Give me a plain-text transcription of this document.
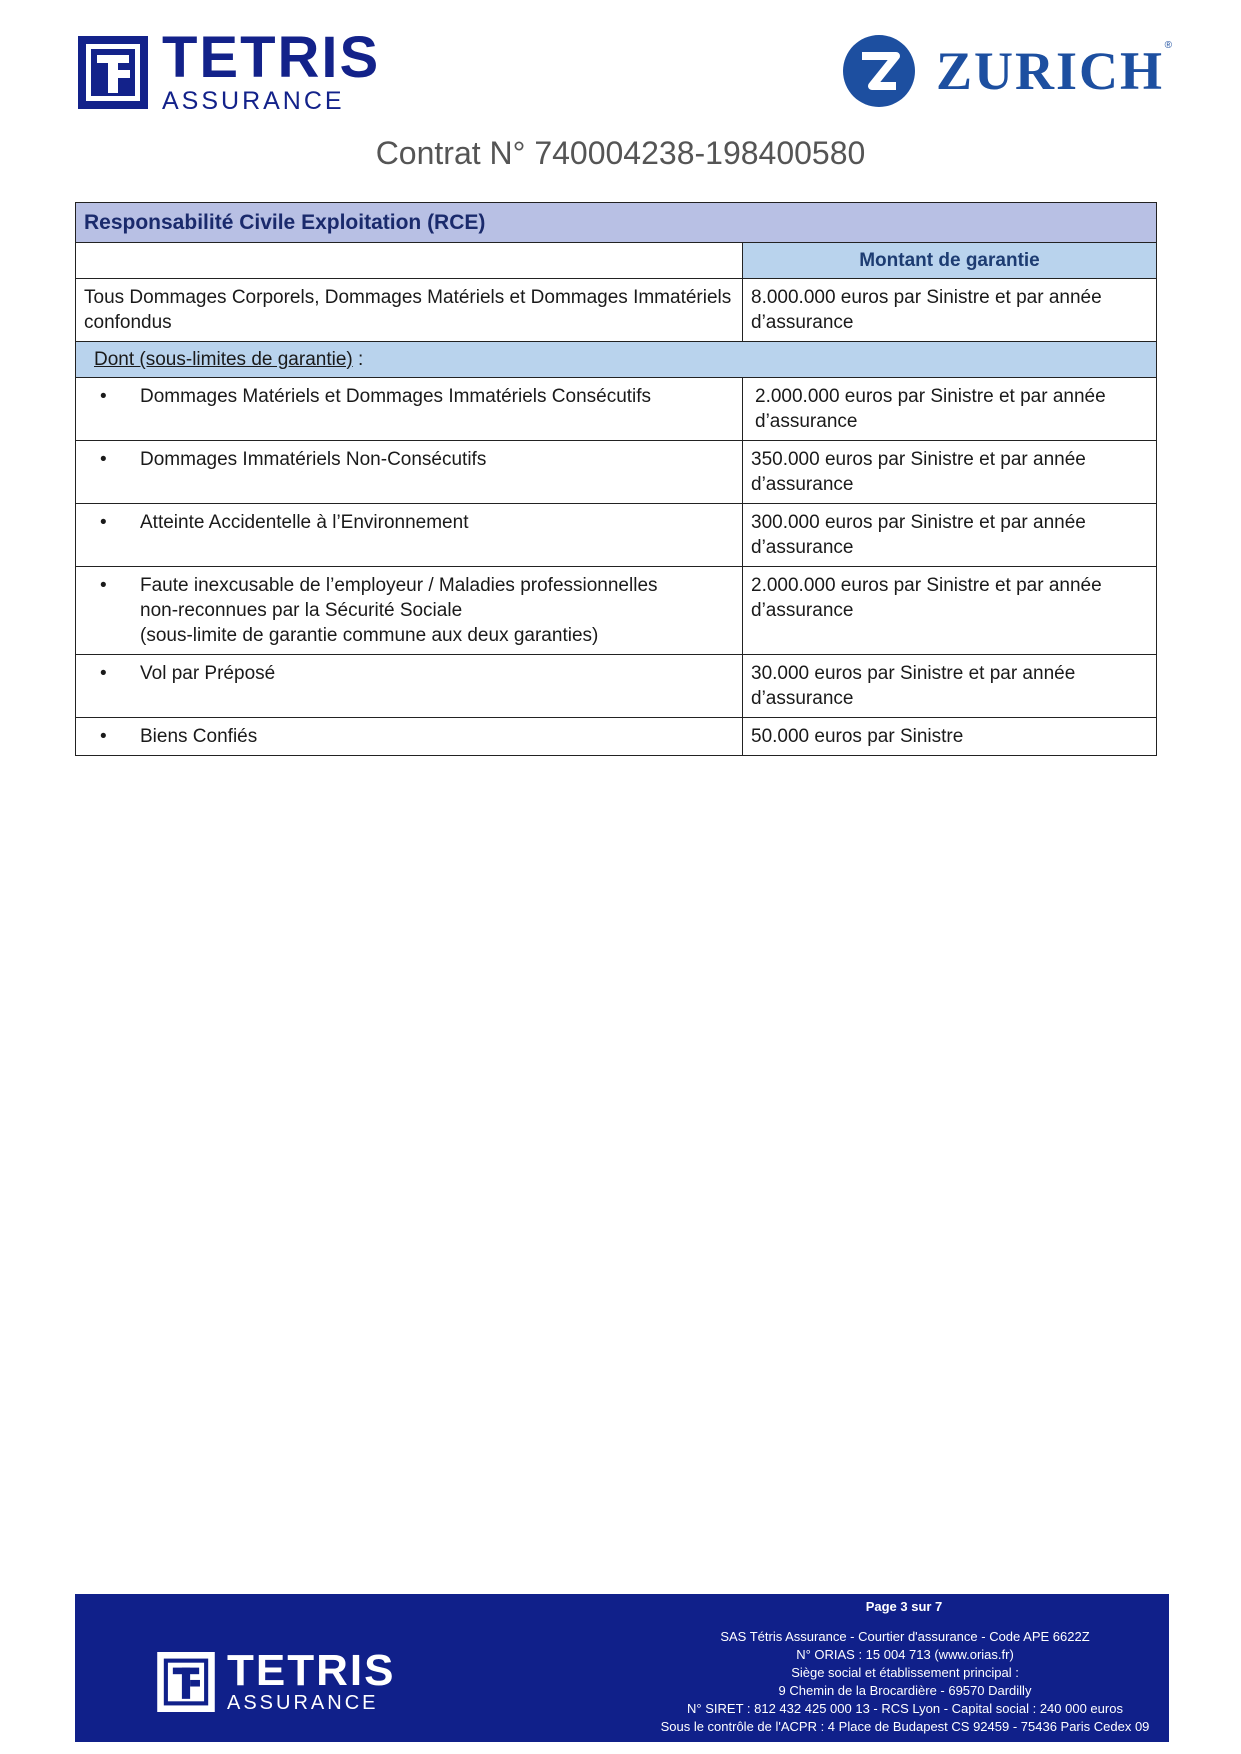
TETRIS
ASSURANCE	ZURICH ®
Contrat N° 740004238-198400580
Responsabilité Civile Exploitation (RCE)	
	Montant de garantie
Tous Dommages Corporels, Dommages Matériels et Dommages Immatériels confondus	8.000.000 euros par Sinistre et par année d’assurance
Dont (sous-limites de garantie) :	

• Dommages Matériels et Dommages Immatériels Consécutifs	2.000.000 euros par Sinistre et par année d’assurance

• Dommages Immatériels Non-Consécutifs	350.000 euros par Sinistre et par année d’assurance

• Atteinte Accidentelle à l’Environnement	300.000 euros par Sinistre et par année d’assurance

• Faute inexcusable de l’employeur / Maladies professionnelles
non-reconnues par la Sécurité Sociale
(sous-limite de garantie commune aux deux garanties)	2.000.000 euros par Sinistre et par année d’assurance

• Vol par Préposé	30.000 euros par Sinistre et par année d’assurance

• Biens Confiés	50.000 euros par Sinistre
Page 3 sur 7
TETRIS
ASSURANCE
SAS Tétris Assurance - Courtier d'assurance - Code APE 6622Z
N° ORIAS : 15 004 713 (www.orias.fr)
Siège social et établissement principal :
9 Chemin de la Brocardière - 69570 Dardilly
N° SIRET : 812 432 425 000 13 - RCS Lyon - Capital social : 240 000 euros
Sous le contrôle de l'ACPR : 4 Place de Budapest CS 92459 - 75436 Paris Cedex 09
